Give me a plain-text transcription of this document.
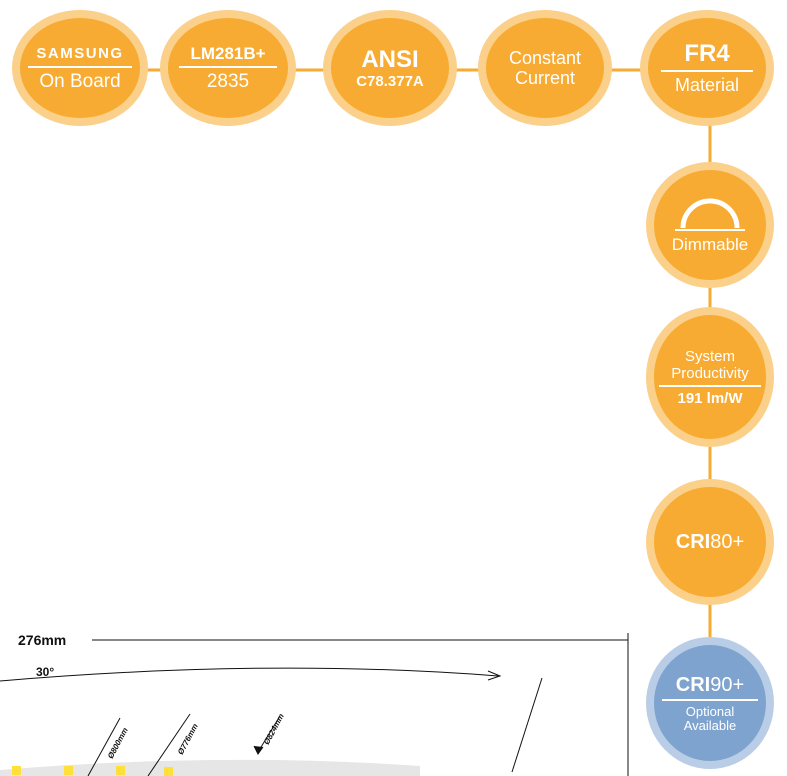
SAMSUNG
On Board
LM281B+
2835
ANSI
C78.377A
Constant
Current
FR4
Material
Dimmable
System
Productivity
191 lm/W
CRI80+
CRI90+
Optional
Available
276mm
30°
Ø800mm	Ø776mm	Ø824mm
